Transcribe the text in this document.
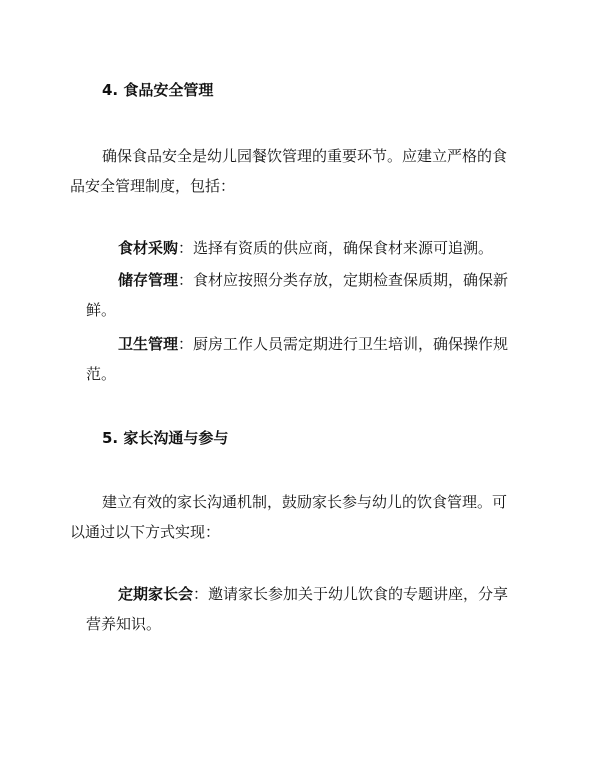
4. 食品安全管理
确保食品安全是幼儿园餐饮管理的重要环节。应建立严格的食
品安全管理制度，包括：
食材采购：选择有资质的供应商，确保食材来源可追溯。
储存管理：食材应按照分类存放，定期检查保质期，确保新
鲜。
卫生管理：厨房工作人员需定期进行卫生培训，确保操作规
范。
5. 家长沟通与参与
建立有效的家长沟通机制，鼓励家长参与幼儿的饮食管理。可
以通过以下方式实现：
定期家长会：邀请家长参加关于幼儿饮食的专题讲座，分享
营养知识。
